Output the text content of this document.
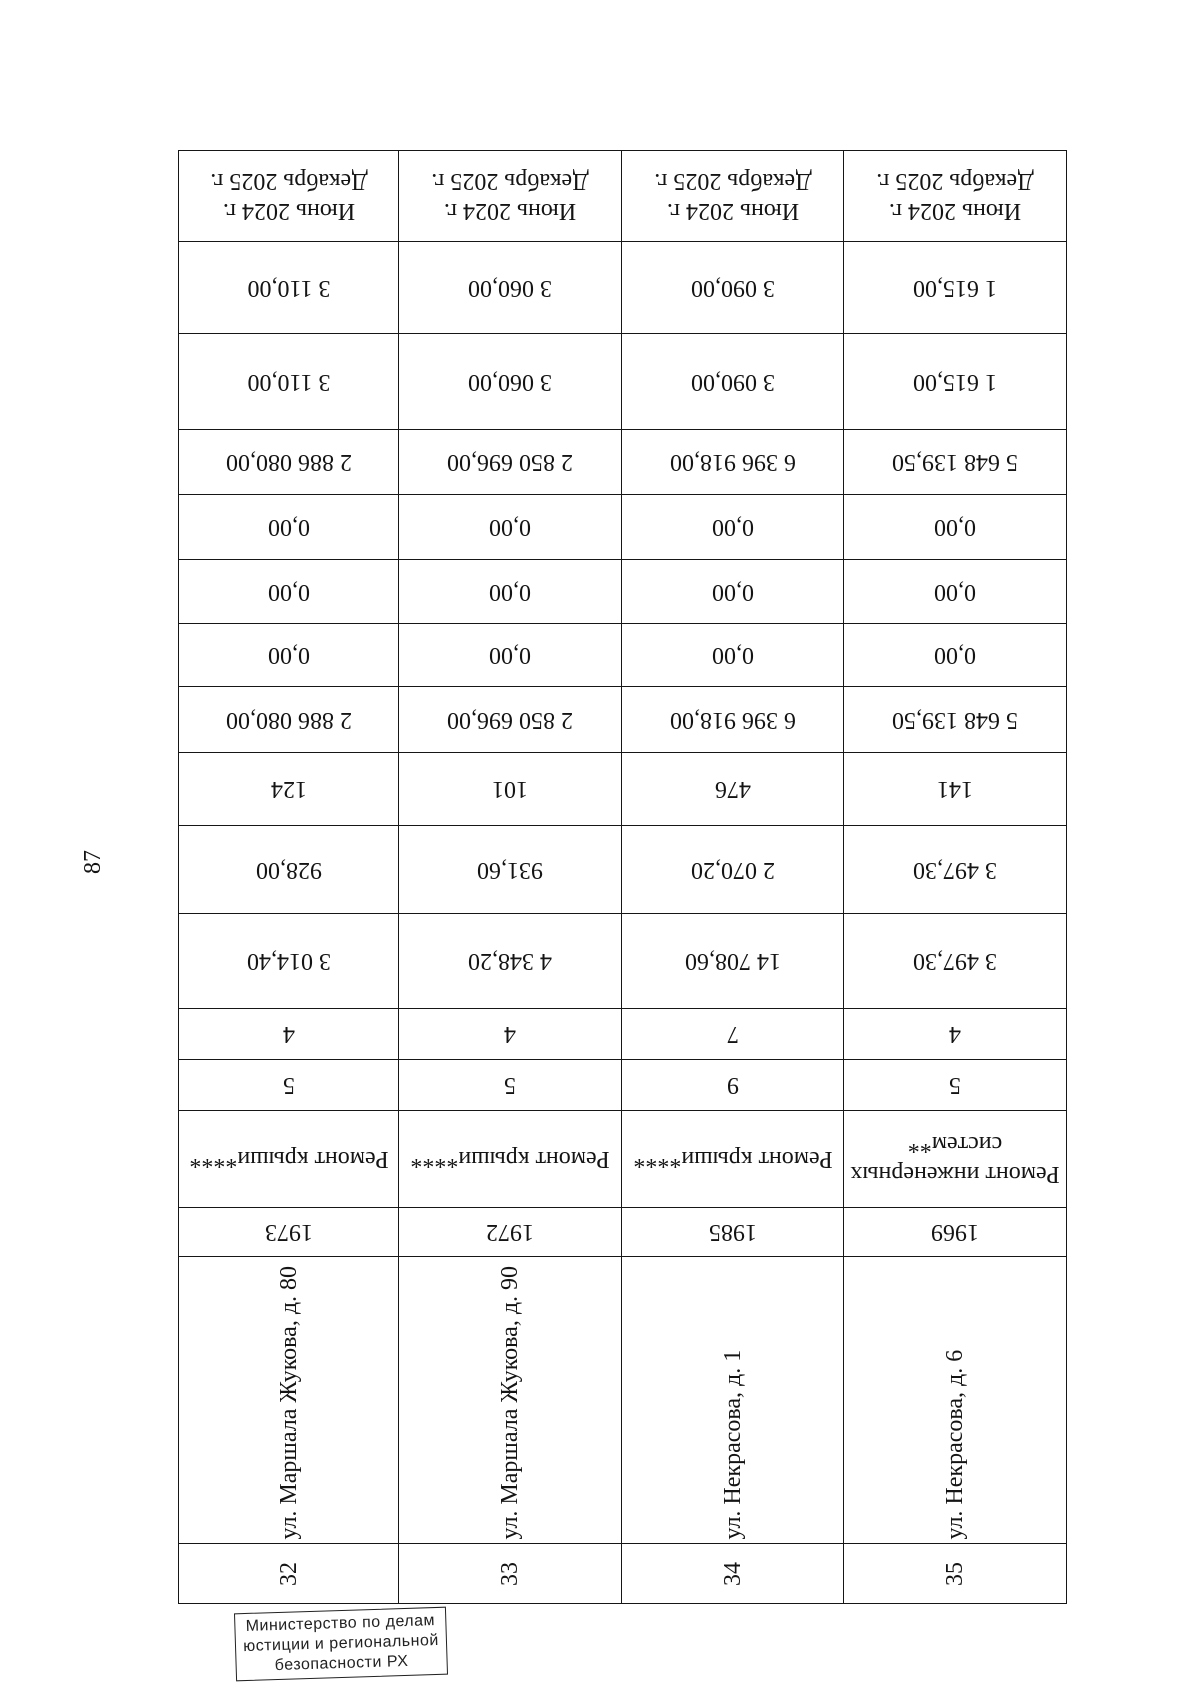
87
32
ул. Маршала Жукова, д. 80
1973
Ремонт крыши****
5
4
3 014,40
928,00
124
2 886 080,00
0,00
0,00
0,00
2 886 080,00
3 110,00
3 110,00
Июнь 2024 г.
Декабрь 2025 г.
33
ул. Маршала Жукова, д. 90
1972
Ремонт крыши****
5
4
4 348,20
931,60
101
2 850 696,00
0,00
0,00
0,00
2 850 696,00
3 060,00
3 060,00
Июнь 2024 г.
Декабрь 2025 г.
34
ул. Некрасова, д. 1
1985
Ремонт крыши****
9
7
14 708,60
2 070,20
476
6 396 918,00
0,00
0,00
0,00
6 396 918,00
3 090,00
3 090,00
Июнь 2024 г.
Декабрь 2025 г.
35
ул. Некрасова, д. 6
1969
Ремонт инженерных
систем**
5
4
3 497,30
3 497,30
141
5 648 139,50
0,00
0,00
0,00
5 648 139,50
1 615,00
1 615,00
Июнь 2024 г.
Декабрь 2025 г.
Министерство по делам
юстиции и региональной
безопасности РХ
